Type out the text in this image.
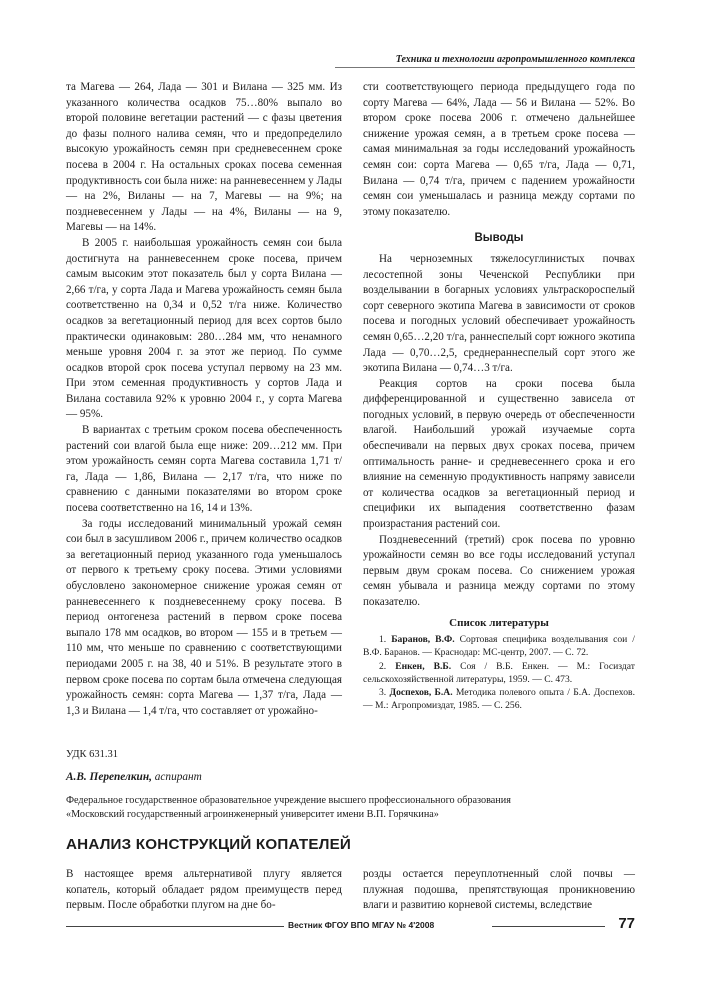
Техника и технологии агропромышленного комплекса

та Магева — 264, Лада — 301 и Вилана — 325 мм. Из указанного количества осадков 75…80% выпало во второй половине вегетации растений — с фазы цветения до фазы полного налива семян, что и предопределило высокую урожайность семян при средневесеннем сроке посева в 2004 г. На остальных сроках посева семенная продуктивность сои была ниже: на ранневесеннем у Лады — на 2%, Виланы — на 7, Магевы — на 9%; на поздневесеннем у Лады — на 4%, Виланы — на 9, Магевы — на 14%.

В 2005 г. наибольшая урожайность семян сои была достигнута на ранневесеннем сроке посева, причем самым высоким этот показатель был у сорта Вилана — 2,66 т/га, у сорта Лада и Магева урожайность семян была соответственно на 0,34 и 0,52 т/га ниже. Количество осадков за вегетационный период для всех сортов было практически одинаковым: 280…284 мм, что ненамного меньше уровня 2004 г. за этот же период. По сумме осадков второй срок посева уступал первому на 23 мм. При этом семенная продуктивность у сортов Лада и Вилана составила 92% к уровню 2004 г., у сорта Магева — 95%.

В вариантах с третьим сроком посева обеспеченность растений сои влагой была еще ниже: 209…212 мм. При этом урожайность семян сорта Магева составила 1,71 т/га, Лада — 1,86, Вилана — 2,17 т/га, что ниже по сравнению с данными показателями во втором сроке посева соответственно на 16, 14 и 13%.

За годы исследований минимальный урожай семян сои был в засушливом 2006 г., причем количество осадков за вегетационный период указанного года уменьшалось от первого к третьему сроку посева. Этими условиями обусловлено закономерное снижение урожая семян от ранневесеннего к поздневесеннему сроку посева. В период онтогенеза растений в первом сроке посева выпало 178 мм осадков, во втором — 155 и в третьем — 110 мм, что меньше по сравнению с соответствующими периодами 2005 г. на 38, 40 и 51%. В результате этого в первом сроке посева по сортам была отмечена следующая урожайность семян: сорта Магева — 1,37 т/га, Лада — 1,3 и Вилана — 1,4 т/га, что составляет от урожайно-

сти соответствующего периода предыдущего года по сорту Магева — 64%, Лада — 56 и Вилана — 52%. Во втором сроке посева 2006 г. отмечено дальнейшее снижение урожая семян, а в третьем сроке посева — самая минимальная за годы исследований урожайность семян сои: сорта Магева — 0,65 т/га, Лада — 0,71, Вилана — 0,74 т/га, причем с падением урожайности семян сои уменьшалась и разница между сортами по этому показателю.

Выводы

На черноземных тяжелосуглинистых почвах лесостепной зоны Чеченской Республики при возделывании в богарных условиях ультраскороспелый сорт северного экотипа Магева в зависимости от сроков посева и погодных условий обеспечивает урожайность семян 0,65…2,20 т/га, раннеспелый сорт южного экотипа Лада — 0,70…2,5, среднераннеспелый сорт этого же экотипа Вилана — 0,74…3 т/га.

Реакция сортов на сроки посева была дифференцированной и существенно зависела от погодных условий, в первую очередь от обеспеченности влагой. Наибольший урожай изучаемые сорта обеспечивали на первых двух сроках посева, причем оптимальность ранне- и средневесеннего срока и его влияние на семенную продуктивность напряму зависели от количества осадков за вегетационный период и специфики их выпадения соответственно фазам произрастания растений сои.

Поздневесенний (третий) срок посева по уровню урожайности семян во все годы исследований уступал первым двум срокам посева. Со снижением урожая семян убывала и разница между сортами по этому показателю.

Список литературы

1. Баранов, В.Ф. Сортовая специфика возделывания сои / В.Ф. Баранов. — Краснодар: МС-центр, 2007. — С. 72.

2. Енкен, В.Б. Соя / В.Б. Енкен. — М.: Госиздат сельскохозяйственной литературы, 1959. — С. 473.

3. Доспехов, Б.А. Методика полевого опыта / Б.А. Доспехов. — М.: Агропромиздат, 1985. — С. 256.

УДК 631.31
А.В. Перепелкин, аспирант
Федеральное государственное образовательное учреждение высшего профессионального образования
«Московский государственный агроинженерный университет имени В.П. Горячкина»
АНАЛИЗ КОНСТРУКЦИЙ КОПАТЕЛЕЙ

В настоящее время альтернативой плугу является копатель, который обладает рядом преимуществ перед первым. После обработки плугом на дне бо-

розды остается переуплотненный слой почвы — плужная подошва, препятствующая проникновению влаги и развитию корневой системы, вследствие

Вестник ФГОУ ВПО МГАУ № 4'2008	77
